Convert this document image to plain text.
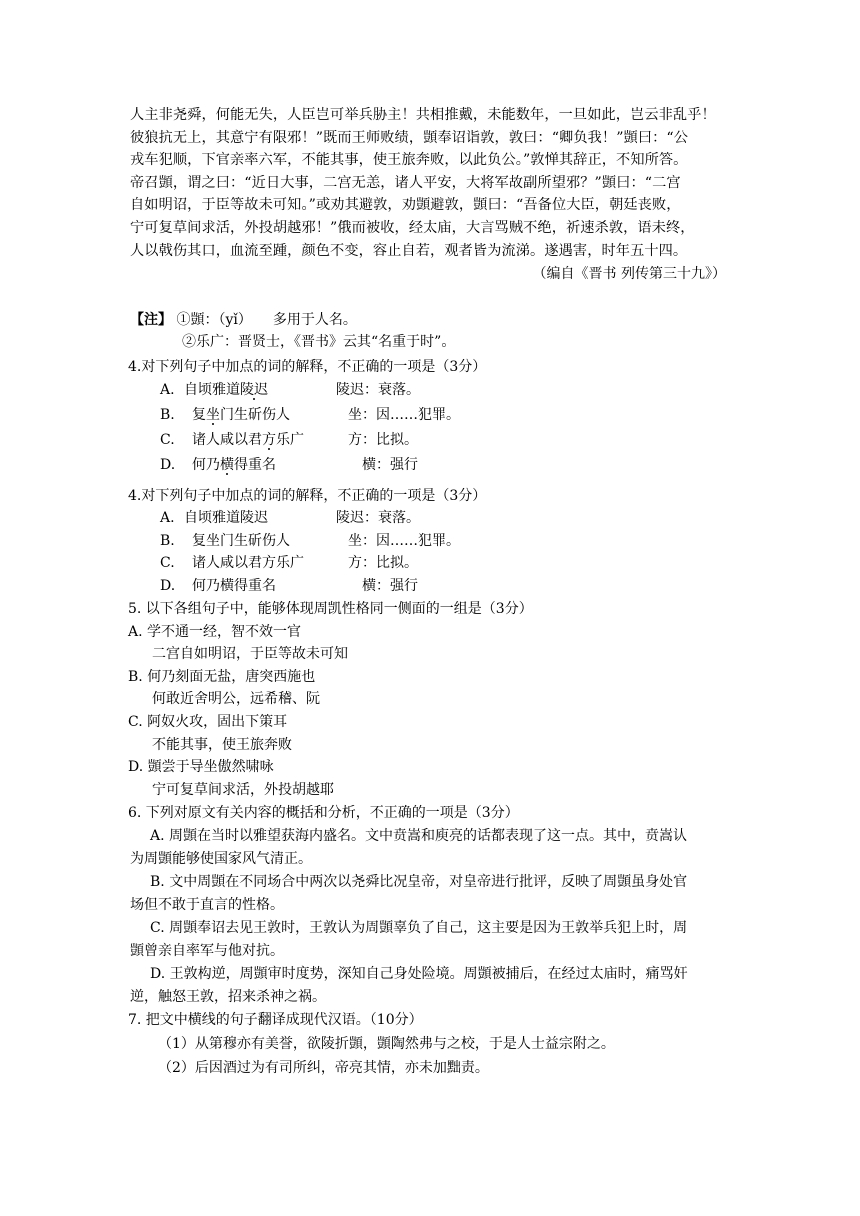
人主非尧舜，何能无失，人臣岂可举兵胁主！共相推戴，未能数年，一旦如此，岂云非乱乎！

彼狼抗无上，其意宁有限邪！”既而王师败绩，顗奉诏诣敦，敦曰：“卿负我！”顗曰：“公

戎车犯顺，下官亲率六军，不能其事，使王旅奔败，以此负公。”敦惮其辞正，不知所答。

帝召顗，谓之曰：“近日大事，二宫无恙，诸人平安，大将军故副所望邪？”顗曰：“二宫

自如明诏，于臣等故未可知。”或劝其避敦，劝顗避敦，顗曰：“吾备位大臣，朝廷丧败，

宁可复草间求活，外投胡越邪！”俄而被收，经太庙，大言骂贼不绝，祈速杀敦，语未终，

人以戟伤其口，血流至踵，颜色不变，容止自若，观者皆为流涕。遂遇害，时年五十四。

（编自《晋书 列传第三十九》）
【注】 ①顗：（yǐ）　　多用于人名。
②乐广：晋贤士，《晋书》云其“名重于时”。
4.对下列句子中加点的词的解释，不正确的一项是（3分）
A. 自顷雅道陵迟	陵迟：衰落。
B.	复坐门生斫伤人	坐：因……犯罪。
C.	诸人咸以君方乐广	方：比拟。
D.	何乃横得重名	横：强行
4.对下列句子中加点的词的解释，不正确的一项是（3分）
A. 自顷雅道陵迟	陵迟：衰落。
B.	复坐门生斫伤人	坐：因……犯罪。
C.	诸人咸以君方乐广	方：比拟。
D.	何乃横得重名	横：强行
5. 以下各组句子中，能够体现周凯性格同一侧面的一组是（3分）
A. 学不通一经，智不效一官
二宫自如明诏，于臣等故未可知
B. 何乃刻面无盐，唐突西施也
何敢近舍明公，远希稽、阮
C. 阿奴火攻，固出下策耳
不能其事，使王旅奔败
D. 顗尝于导坐傲然啸咏
宁可复草间求活，外投胡越耶
6. 下列对原文有关内容的概括和分析，不正确的一项是（3分）
A. 周顗在当时以雅望获海内盛名。文中贲嵩和庾亮的话都表现了这一点。其中，贲嵩认
为周顗能够使国家风气清正。
B. 文中周顗在不同场合中两次以尧舜比况皇帝，对皇帝进行批评，反映了周顗虽身处官
场但不敢于直言的性格。
C. 周顗奉诏去见王敦时，王敦认为周顗辜负了自己，这主要是因为王敦举兵犯上时，周
顗曾亲自率军与他对抗。
D. 王敦构逆，周顗审时度势，深知自己身处险境。周顗被捕后，在经过太庙时，痛骂奸
逆，触怒王敦，招来杀神之祸。
7. 把文中横线的句子翻译成现代汉语。（10分）
（1）从第穆亦有美誉，欲陵折顗，顗陶然弗与之校，于是人士益宗附之。
（2）后因酒过为有司所纠，帝亮其情，亦未加黜责。
